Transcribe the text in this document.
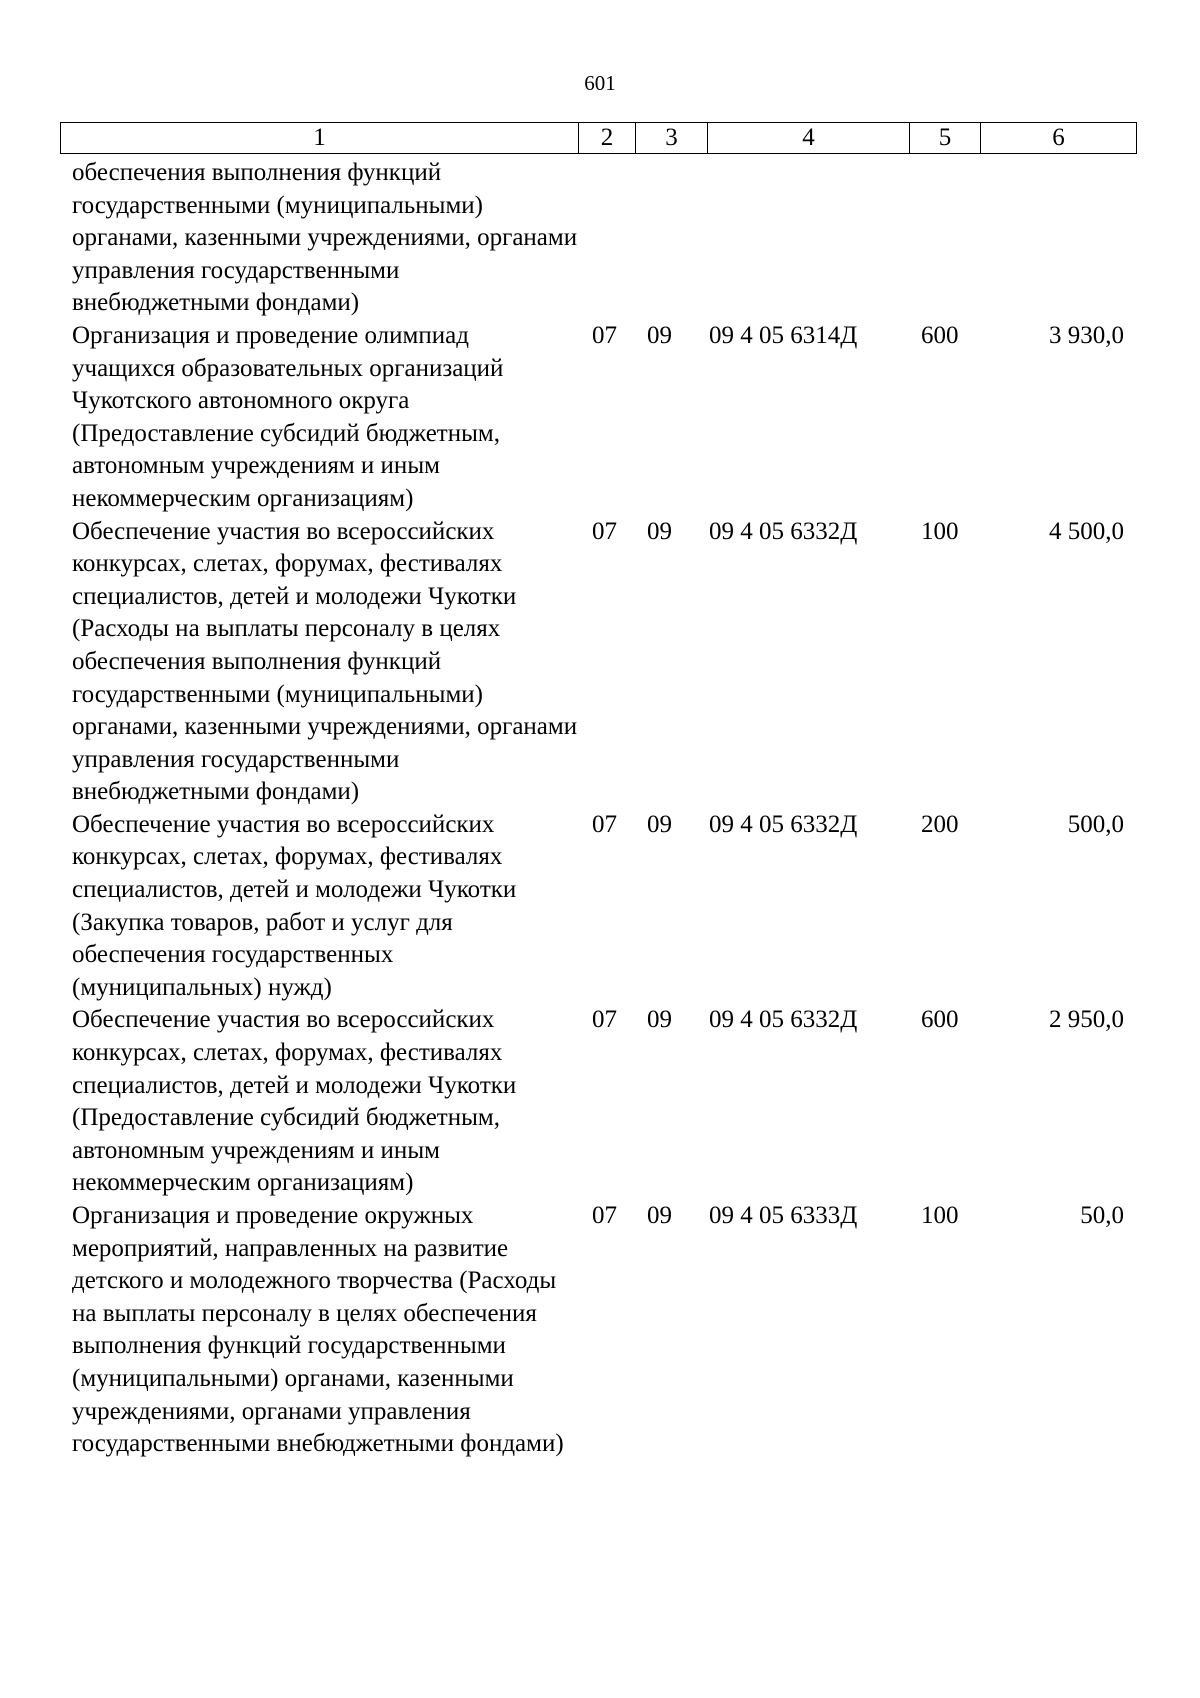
601
1	2	3	4	5	6
обеспечения выполнения функций государственными (муниципальными) органами, казенными учреждениями, органами управления государственными внебюджетными фондами)					
Организация и проведение олимпиад учащихся образовательных организаций Чукотского автономного округа (Предоставление субсидий бюджетным, автономным учреждениям и иным некоммерческим организациям)	07	09	09 4 05 6314Д	600	3 930,0
Обеспечение участия во всероссийских конкурсах, слетах, форумах, фестивалях специалистов, детей и молодежи Чукотки (Расходы на выплаты персоналу в целях обеспечения выполнения функций государственными (муниципальными) органами, казенными учреждениями, органами управления государственными внебюджетными фондами)	07	09	09 4 05 6332Д	100	4 500,0
Обеспечение участия во всероссийских конкурсах, слетах, форумах, фестивалях специалистов, детей и молодежи Чукотки (Закупка товаров, работ и услуг для обеспечения государственных (муниципальных) нужд)	07	09	09 4 05 6332Д	200	500,0
Обеспечение участия во всероссийских конкурсах, слетах, форумах, фестивалях специалистов, детей и молодежи Чукотки (Предоставление субсидий бюджетным, автономным учреждениям и иным некоммерческим организациям)	07	09	09 4 05 6332Д	600	2 950,0
Организация и проведение окружных мероприятий, направленных на развитие детского и молодежного творчества (Расходы на выплаты персоналу в целях обеспечения выполнения функций государственными (муниципальными) органами, казенными учреждениями, органами управления государственными внебюджетными фондами)	07	09	09 4 05 6333Д	100	50,0
